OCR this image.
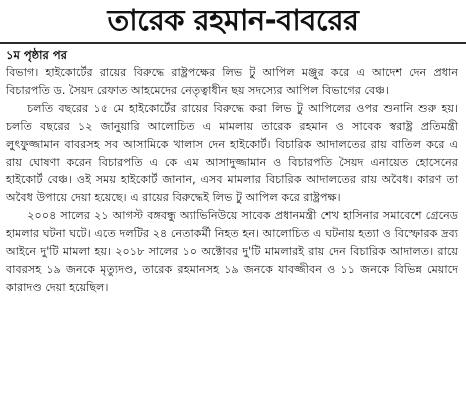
তারেক রহমান-বাবরের
১ম পৃষ্ঠার পর

বিভাগ। হাইকোর্টের রায়ের বিরুদ্ধে রাষ্ট্রপক্ষের লিভ টু আপিল মঞ্জুর করে এ আদেশ দেন প্রধান বিচারপতি ড. সৈয়দ রেফাত আহমেদের নেতৃত্বাধীন ছয় সদস্যের আপিল বিভাগের বেঞ্চ।

চলতি বছরের ১৫ মে হাইকোর্টের রায়ের বিরুদ্ধে করা লিভ টু আপিলের ওপর শুনানি শুরু হয়। চলতি বছরের ১২ জানুয়ারি আলোচিত এ মামলায় তারেক রহমান ও সাবেক স্বরাষ্ট্র প্রতিমন্ত্রী লুৎফুজ্জামান বাবরসহ সব আসামিকে খালাস দেন হাইকোর্ট। বিচারিক আদালতের রায় বাতিল করে এ রায় ঘোষণা করেন বিচারপতি এ কে এম আসাদুজ্জামান ও বিচারপতি সৈয়দ এনায়েত হোসেনের হাইকোর্ট বেঞ্চ। ওই সময় হাইকোর্ট জানান, এসব মামলার বিচারিক আদালতের রায় অবৈধ। কারণ তা অবৈধ উপায়ে দেয়া হয়েছে। এ রায়ের বিরুদ্ধেই লিভ টু আপিল করে রাষ্ট্রপক্ষ।

২০০৪ সালের ২১ আগস্ট বঙ্গবন্ধু অ্যাভিনিউয়ে সাবেক প্রধানমন্ত্রী শেখ হাসিনার সমাবেশে গ্রেনেড হামলার ঘটনা ঘটে। এতে দলটির ২৪ নেতাকর্মী নিহত হন। আলোচিত এ ঘটনায় হত্যা ও বিস্ফোরক দ্রব্য আইনে দু'টি মামলা হয়। ২০১৮ সালের ১০ অক্টোবর দু'টি মামলারই রায় দেন বিচারিক আদালত। রায়ে বাবরসহ ১৯ জনকে মৃত্যুদণ্ড, তারেক রহমানসহ ১৯ জনকে যাবজ্জীবন ও ১১ জনকে বিভিন্ন মেয়াদে কারাদণ্ড দেয়া হয়েছিল।
